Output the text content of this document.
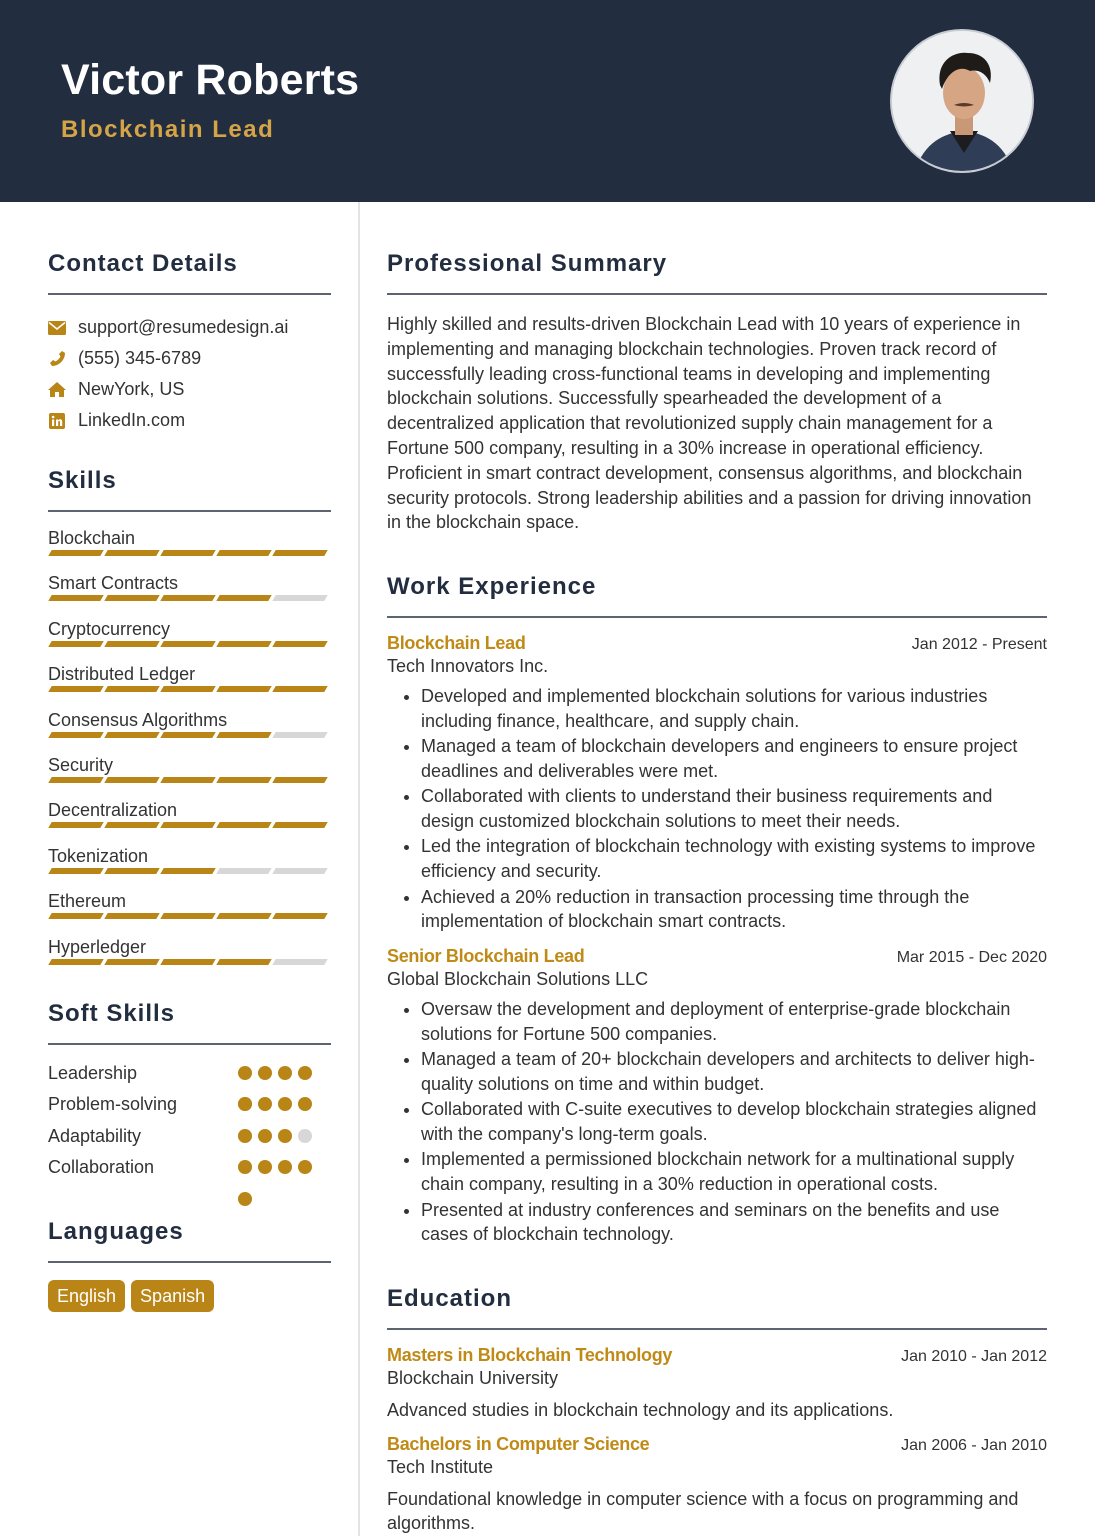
Victor Roberts
Blockchain Lead
Contact Details
support@resumedesign.ai
(555) 345-6789
NewYork, US
LinkedIn.com
Skills
Blockchain
Smart Contracts
Cryptocurrency
Distributed Ledger
Consensus Algorithms
Security
Decentralization
Tokenization
Ethereum
Hyperledger
Soft Skills
Leadership
Problem-solving
Adaptability
Collaboration
Languages
English	Spanish
Professional Summary

Highly skilled and results-driven Blockchain Lead with 10 years of experience in implementing and managing blockchain technologies. Proven track record of successfully leading cross-functional teams in developing and implementing blockchain solutions. Successfully spearheaded the development of a decentralized application that revolutionized supply chain management for a Fortune 500 company, resulting in a 30% increase in operational efficiency. Proficient in smart contract development, consensus algorithms, and blockchain security protocols. Strong leadership abilities and a passion for driving innovation in the blockchain space.

Work Experience
Blockchain Lead	Jan 2012 - Present
Tech Innovators Inc.
• Developed and implemented blockchain solutions for various industries including finance, healthcare, and supply chain.
• Managed a team of blockchain developers and engineers to ensure project deadlines and deliverables were met.
• Collaborated with clients to understand their business requirements and design customized blockchain solutions to meet their needs.
• Led the integration of blockchain technology with existing systems to improve efficiency and security.
• Achieved a 20% reduction in transaction processing time through the implementation of blockchain smart contracts.
Senior Blockchain Lead	Mar 2015 - Dec 2020
Global Blockchain Solutions LLC
• Oversaw the development and deployment of enterprise-grade blockchain solutions for Fortune 500 companies.
• Managed a team of 20+ blockchain developers and architects to deliver high-quality solutions on time and within budget.
• Collaborated with C-suite executives to develop blockchain strategies aligned with the company's long-term goals.
• Implemented a permissioned blockchain network for a multinational supply chain company, resulting in a 30% reduction in operational costs.
• Presented at industry conferences and seminars on the benefits and use cases of blockchain technology.
Education
Masters in Blockchain Technology	Jan 2010 - Jan 2012
Blockchain University
Advanced studies in blockchain technology and its applications.
Bachelors in Computer Science	Jan 2006 - Jan 2010
Tech Institute
Foundational knowledge in computer science with a focus on programming and algorithms.
